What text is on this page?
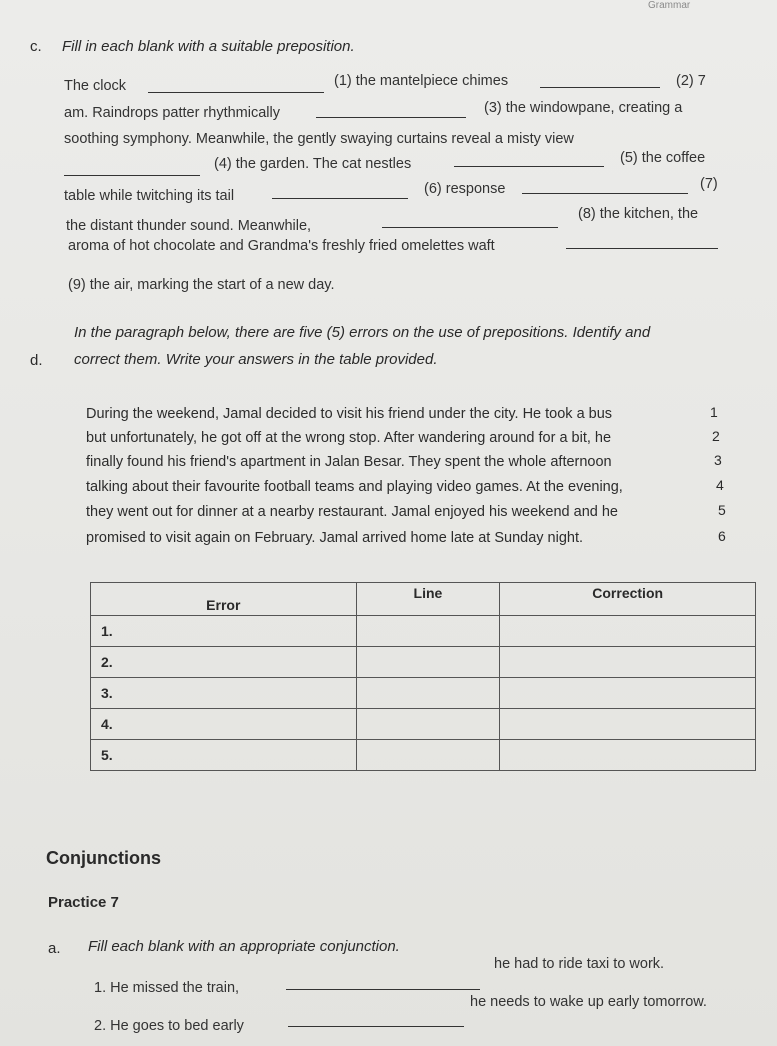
Grammar
c. Fill in each blank with a suitable preposition.
The clock	(1) the mantelpiece chimes	(2) 7
am. Raindrops patter rhythmically	(3) the windowpane, creating a
soothing symphony. Meanwhile, the gently swaying curtains reveal a misty view
(4) the garden. The cat nestles	(5) the coffee
table while twitching its tail	(6) response	(7)
the distant thunder sound. Meanwhile,
(8) the kitchen, the
aroma of hot chocolate and Grandma's freshly fried omelettes waft
(9) the air, marking the start of a new day.
d.
In the paragraph below, there are five (5) errors on the use of prepositions. Identify and
correct them. Write your answers in the table provided.
During the weekend, Jamal decided to visit his friend under the city. He took a bus	1
but unfortunately, he got off at the wrong stop. After wandering around for a bit, he	2
finally found his friend's apartment in Jalan Besar. They spent the whole afternoon	3
talking about their favourite football teams and playing video games. At the evening,	4
they went out for dinner at a nearby restaurant. Jamal enjoyed his weekend and he	5
promised to visit again on February. Jamal arrived home late at Sunday night.	6
Error	Line	Correction
1.		
2.		
3.		
4.		
5.		
Conjunctions
Practice 7
a. Fill each blank with an appropriate conjunction.
1. He missed the train,
he had to ride taxi to work.
2. He goes to bed early
he needs to wake up early tomorrow.
